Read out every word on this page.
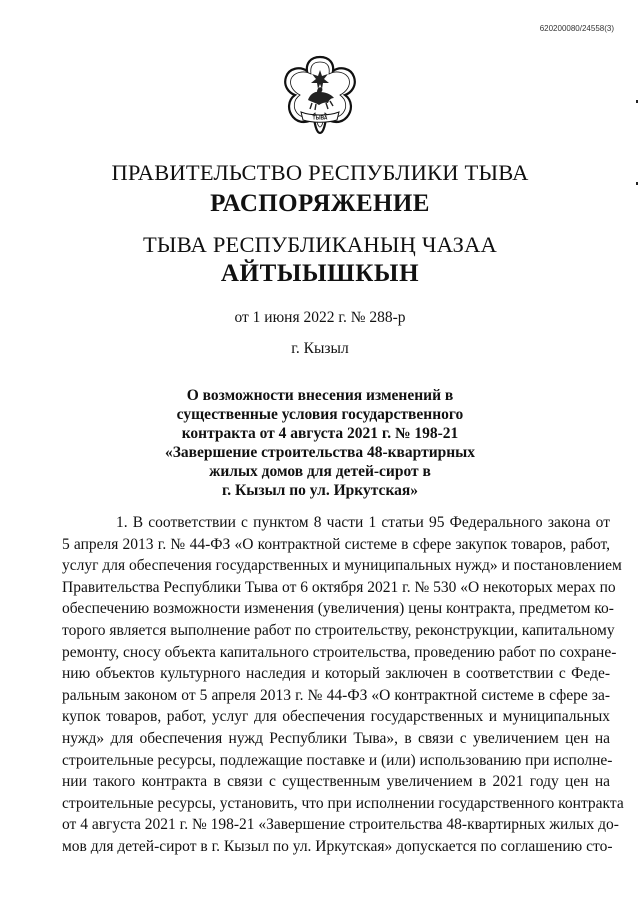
620200080/24558(3)
ТЫВА
ПРАВИТЕЛЬСТВО РЕСПУБЛИКИ ТЫВА
РАСПОРЯЖЕНИЕ
ТЫВА РЕСПУБЛИКАНЫҢ ЧАЗАА
АЙТЫЫШКЫН
от 1 июня 2022 г. № 288-р
г. Кызыл
О возможности внесения изменений в
существенные условия государственного
контракта от 4 августа 2021 г. № 198-21
«Завершение строительства 48-квартирных
жилых домов для детей-сирот в
г. Кызыл по ул. Иркутская»
1. В соответствии с пунктом 8 части 1 статьи 95 Федерального закона от
5 апреля 2013 г. № 44-ФЗ «О контрактной системе в сфере закупок товаров, работ,
услуг для обеспечения государственных и муниципальных нужд» и постановлением
Правительства Республики Тыва от 6 октября 2021 г. № 530 «О некоторых мерах по
обеспечению возможности изменения (увеличения) цены контракта, предметом ко-
торого является выполнение работ по строительству, реконструкции, капитальному
ремонту, сносу объекта капитального строительства, проведению работ по сохране-
нию объектов культурного наследия и который заключен в соответствии с Феде-
ральным законом от 5 апреля 2013 г. № 44-ФЗ «О контрактной системе в сфере за-
купок товаров, работ, услуг для обеспечения государственных и муниципальных
нужд» для обеспечения нужд Республики Тыва», в связи с увеличением цен на
строительные ресурсы, подлежащие поставке и (или) использованию при исполне-
нии такого контракта в связи с существенным увеличением в 2021 году цен на
строительные ресурсы, установить, что при исполнении государственного контракта
от 4 августа 2021 г. № 198-21 «Завершение строительства 48-квартирных жилых до-
мов для детей-сирот в г. Кызыл по ул. Иркутская» допускается по соглашению сто-
